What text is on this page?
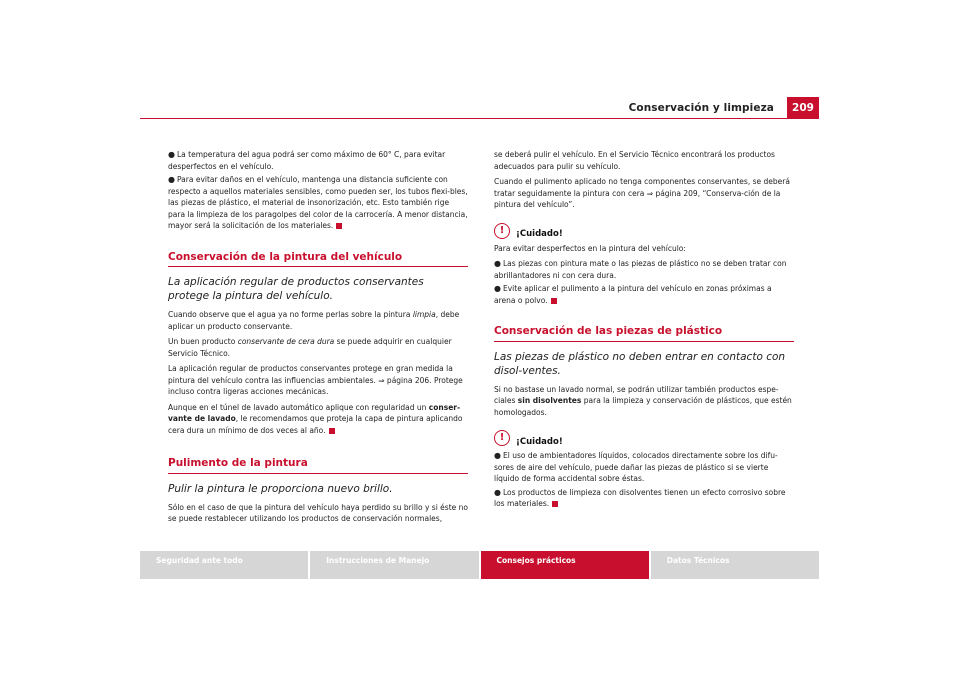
Conservación y limpieza	209

● La temperatura del agua podrá ser como máximo de 60° C, para evitar desperfectos en el vehículo.

● Para evitar daños en el vehículo, mantenga una distancia suficiente con respecto a aquellos materiales sensibles, como pueden ser, los tubos flexi-bles, las piezas de plástico, el material de insonorización, etc. Esto también rige para la limpieza de los paragolpes del color de la carrocería. A menor distancia, mayor será la solicitación de los materiales.

Conservación de la pintura del vehículo
La aplicación regular de productos conservantes protege la pintura del vehículo.

Cuando observe que el agua ya no forme perlas sobre la pintura limpia, debe aplicar un producto conservante.

Un buen producto conservante de cera dura se puede adquirir en cualquier Servicio Técnico.

La aplicación regular de productos conservantes protege en gran medida la pintura del vehículo contra las influencias ambientales. ⇒ página 206. Protege incluso contra ligeras acciones mecánicas.

Aunque en el túnel de lavado automático aplique con regularidad un conser-vante de lavado, le recomendamos que proteja la capa de pintura aplicando cera dura un mínimo de dos veces al año.

Pulimento de la pintura
Pulir la pintura le proporciona nuevo brillo.

Sólo en el caso de que la pintura del vehículo haya perdido su brillo y si éste no se puede restablecer utilizando los productos de conservación normales,

se deberá pulir el vehículo. En el Servicio Técnico encontrará los productos adecuados para pulir su vehículo.

Cuando el pulimento aplicado no tenga componentes conservantes, se deberá tratar seguidamente la pintura con cera ⇒ página 209, “Conserva-ción de la pintura del vehículo”.

!	¡Cuidado!

Para evitar desperfectos en la pintura del vehículo:

● Las piezas con pintura mate o las piezas de plástico no se deben tratar con abrillantadores ni con cera dura.

● Evite aplicar el pulimento a la pintura del vehículo en zonas próximas a arena o polvo.

Conservación de las piezas de plástico
Las piezas de plástico no deben entrar en contacto con disol-ventes.

Si no bastase un lavado normal, se podrán utilizar también productos espe-ciales sin disolventes para la limpieza y conservación de plásticos, que estén homologados.

!	¡Cuidado!

● El uso de ambientadores líquidos, colocados directamente sobre los difu-sores de aire del vehículo, puede dañar las piezas de plástico si se vierte líquido de forma accidental sobre éstas.

● Los productos de limpieza con disolventes tienen un efecto corrosivo sobre los materiales.

Seguridad ante todo	Instrucciones de Manejo	Consejos prácticos	Datos Técnicos
